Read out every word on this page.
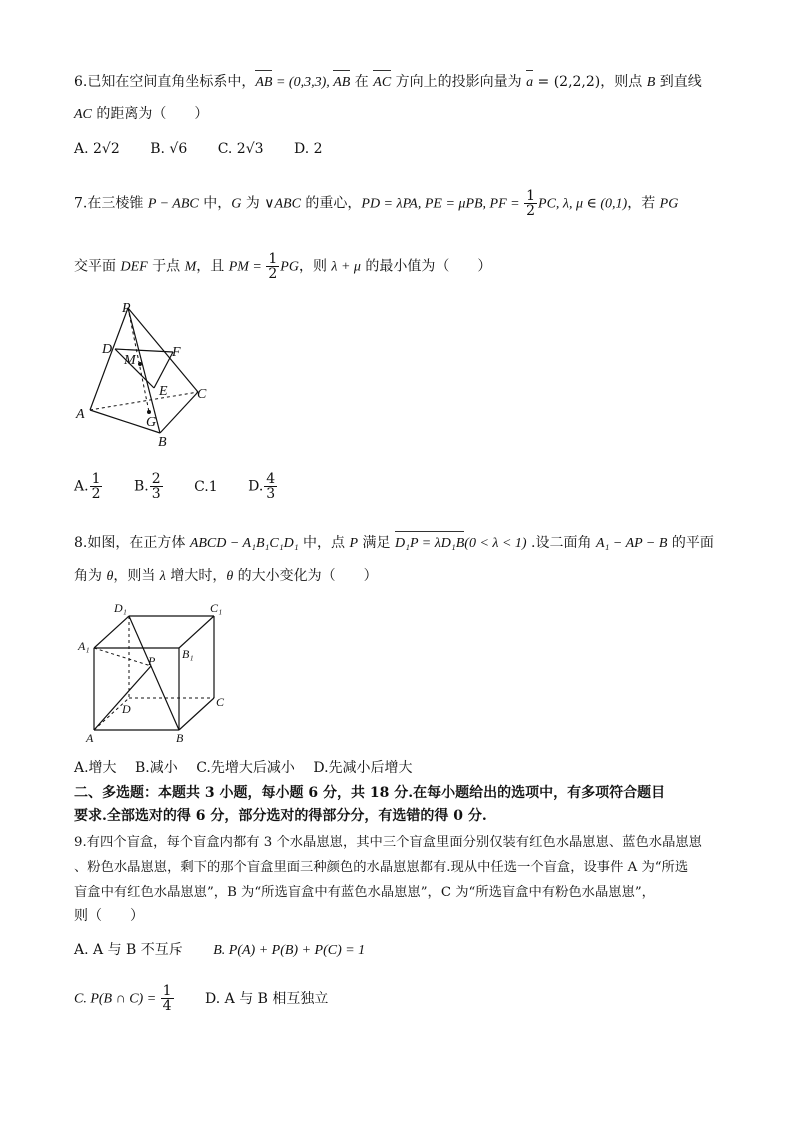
6.已知在空间直角坐标系中，AB = (0,3,3), AB 在 AC 方向上的投影向量为 a = (2,2,2)，则点 B 到直线
AC 的距离为（　　）
A. 2√2 B. √6 C. 2√3 D. 2
7.在三棱锥 P − ABC 中，G 为 ∨ABC 的重心，PD = λPA, PE = μPB, PF = $\frac{1}{2}$ PC, λ, μ ∈ (0,1)，若 PG
交平面 DEF 于点 M，且 PM = $\frac{1}{2}$ PG，则 λ + μ 的最小值为（　　）
P
D	F
M
E C
A
G
B
A. $\frac{1}{2} B$. $\frac{2}{3} C.1$ D. $\frac{4}{3}$
8.如图，在正方体 ABCD − A₁B₁C₁D₁ 中，点 P 满足 D₁P = λD₁B(0 < λ < 1) .设二面角 A₁ − AP − B 的平面
角为 θ，则当 λ 增大时，θ 的大小变化为（　　）
D₁	C₁
A₁
B₁
P
D	C
A	B
A.增大 B.减小 C.先增大后减小 D.先减小后增大
二、多选题：本题共 3 小题，每小题 6 分，共 18 分.在每小题给出的选项中，有多项符合题目
要求.全部选对的得 6 分，部分选对的得部分分，有选错的得 0 分.
9.有四个盲盒，每个盲盒内都有 3 个水晶崽崽，其中三个盲盒里面分别仅装有红色水晶崽崽、蓝色水晶崽崽
、粉色水晶崽崽，剩下的那个盲盒里面三种颜色的水晶崽崽都有.现从中任选一个盲盒，设事件 A 为“所选
盲盒中有红色水晶崽崽”，B 为“所选盲盒中有蓝色水晶崽崽”，C 为“所选盲盒中有粉色水晶崽崽”，
则（　　）
A. A 与 B 不互斥 B. P(A) + P(B) + P(C) = 1
C. P(B ∩ $C) = \frac{1}{4} D$. A 与 B 相互独立
